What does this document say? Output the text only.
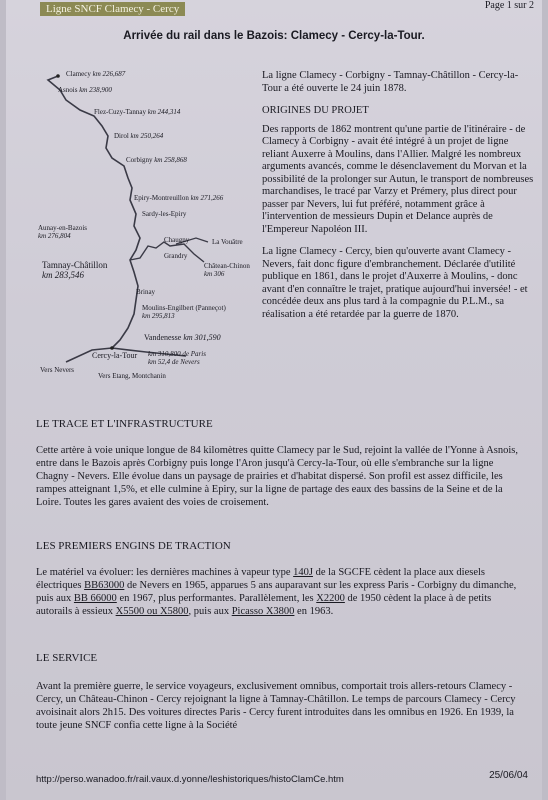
Ligne SNCF Clamecy - Cercy	Page 1 sur 2
Arrivée du rail dans le Bazois: Clamecy - Cercy-la-Tour.
Clamecy km 226,687
Asnois km 238,900
Flez-Cuzy-Tannay km 244,314
Dirol km 250,264
Corbigny km 258,868
Epiry-Montreuillon km 271,266
Sardy-les-Epiry
Aunay-en-Bazois
km 276,804	Chaugny	La Vouâtre
Grandry
Tamnay-Châtillon
km 283,546
Châtean-Chinon
km 306
Brinay
Moulins-Engilbert (Panneçot)
km 295,813
Vandenesse km 301,590
Cercy-la-Tour km 310,800 de Paris
km 52,4 de Nevers
Vers Nevers
Vers Etang, Montchanin

La ligne Clamecy - Corbigny - Tamnay-Châtillon - Cercy-la-Tour a été ouverte le 24 juin 1878.

ORIGINES DU PROJET

Des rapports de 1862 montrent qu'une partie de l'itinéraire - de Clamecy à Corbigny - avait été intégré à un projet de ligne reliant Auxerre à Moulins, dans l'Allier. Malgré les nombreux arguments avancés, comme le désenclavement du Morvan et la possibilité de la prolonger sur Autun, le transport de nombreuses marchandises, le tracé par Varzy et Prémery, plus direct pour passer par Nevers, lui fut préféré, notamment grâce à l'intervention de messieurs Dupin et Delance auprès de l'Empereur Napoléon III.

La ligne Clamecy - Cercy, bien qu'ouverte avant Clamecy - Nevers, fait donc figure d'embranchement. Déclarée d'utilité publique en 1861, dans le projet d'Auxerre à Moulins, - donc avant d'en connaître le trajet, pratique aujourd'hui inversée! - et concédée deux ans plus tard à la compagnie du P.L.M., sa réalisation a été retardée par la guerre de 1870.

LE TRACE ET L'INFRASTRUCTURE

Cette artère à voie unique longue de 84 kilomètres quitte Clamecy par le Sud, rejoint la vallée de l'Yonne à Asnois, entre dans le Bazois après Corbigny puis longe l'Aron jusqu'à Cercy-la-Tour, où elle s'embranche sur la ligne Chagny - Nevers. Elle évolue dans un paysage de prairies et d'habitat dispersé. Son profil est assez difficile, les rampes atteignant 1,5%, et elle culmine à Epiry, sur la ligne de partage des eaux des bassins de la Seine et de la Loire. Toutes les gares avaient des voies de croisement.

LES PREMIERS ENGINS DE TRACTION

Le matériel va évoluer: les dernières machines à vapeur type 140J de la SGCFE cèdent la place aux diesels électriques BB63000 de Nevers en 1965, apparues 5 ans auparavant sur les express Paris - Corbigny du dimanche, puis aux BB 66000 en 1967, plus performantes. Parallèlement, les X2200 de 1950 cèdent la place à de petits autorails à essieux X5500 ou X5800, puis aux Picasso X3800 en 1963.

LE SERVICE

Avant la première guerre, le service voyageurs, exclusivement omnibus, comportait trois allers-retours Clamecy - Cercy, un Château-Chinon - Cercy rejoignant la ligne à Tamnay-Châtillon. Le temps de parcours Clamecy - Cercy avoisinait alors 2h15. Des voitures directes Paris - Cercy furent introduites dans les omnibus en 1926. En 1939, la toute jeune SNCF confia cette ligne à la Société

http://perso.wanadoo.fr/rail.vaux.d.yonne/leshistoriques/histoClamCe.htm	25/06/04
